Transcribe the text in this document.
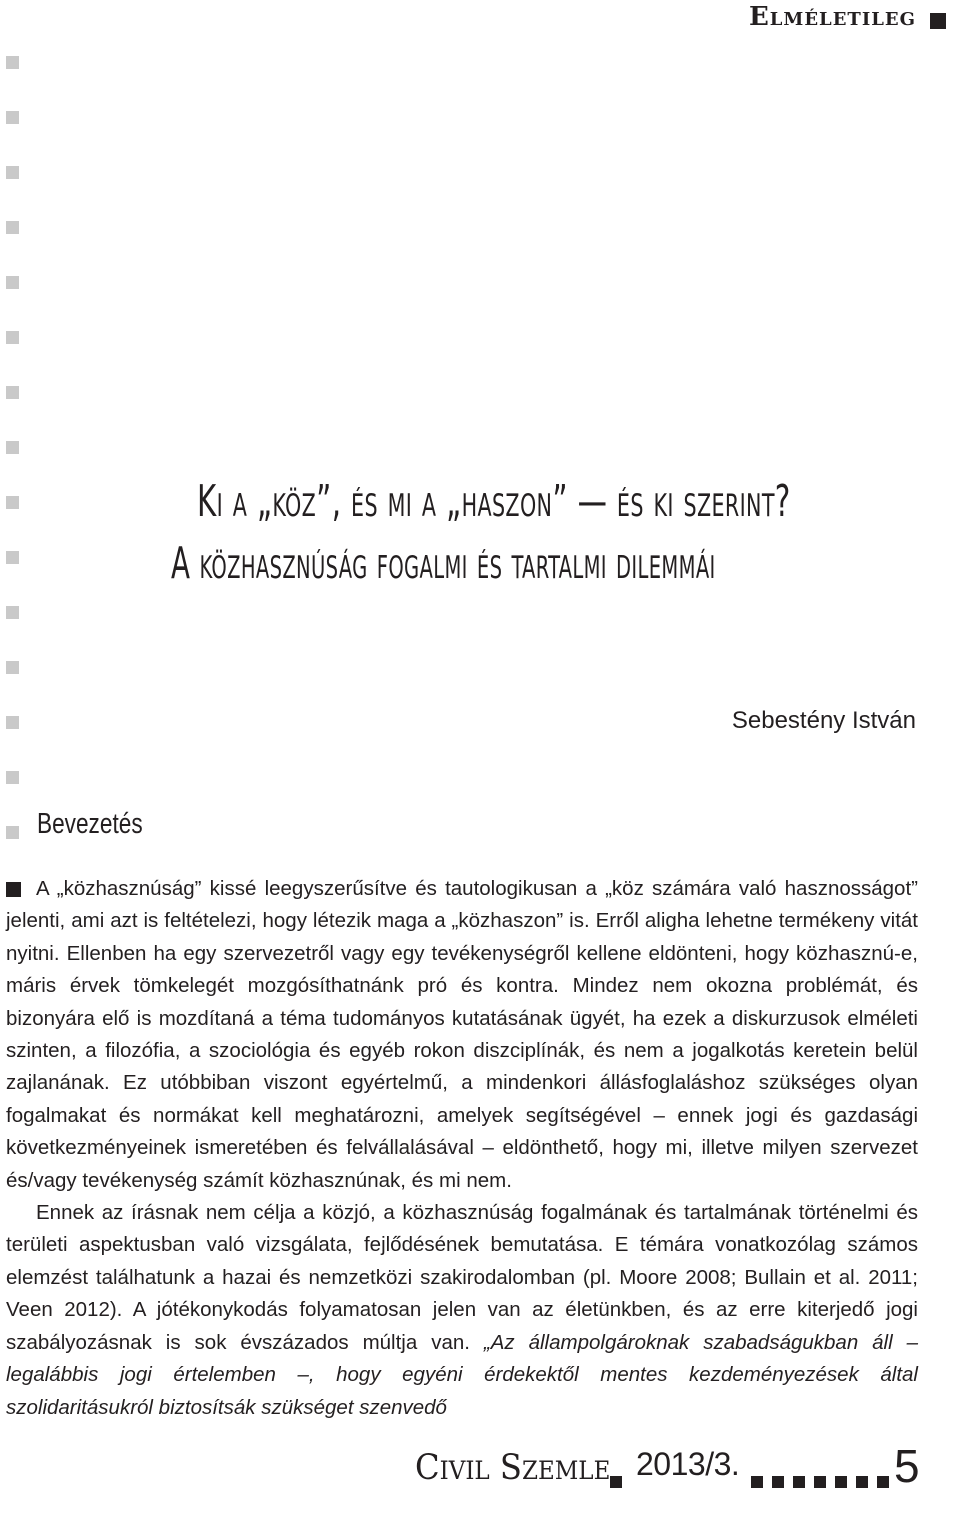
Elméletileg
Ki a „köz”, és mi a „haszon” — és ki szerint?
A közhasznúság fogalmi és tartalmi dilemmái

Sebestény István

Bevezetés

A „közhasznúság” kissé leegyszerűsítve és tautologikusan a „köz számára való hasznosságot” jelenti, ami azt is feltételezi, hogy létezik maga a „közhaszon” is. Erről aligha lehetne termékeny vitát nyitni. Ellenben ha egy szervezetről vagy egy tevékenységről kellene eldönteni, hogy közhasznú-e, máris érvek tömkelegét mozgósíthatnánk pró és kontra. Mindez nem okozna problémát, és bizonyára elő is mozdítaná a téma tudományos kutatásának ügyét, ha ezek a diskurzusok elméleti szinten, a filozófia, a szociológia és egyéb rokon diszciplínák, és nem a jogalkotás keretein belül zajlanának. Ez utóbbiban viszont egyértelmű, a mindenkori állásfoglaláshoz szükséges olyan fogalmakat és normákat kell meghatározni, amelyek segítségével – ennek jogi és gazdasági következményeinek ismeretében és felvállalásával – eldönthető, hogy mi, illetve milyen szervezet és/vagy tevékenység számít közhasznúnak, és mi nem.

Ennek az írásnak nem célja a közjó, a közhasznúság fogalmának és tartalmának történelmi és területi aspektusban való vizsgálata, fejlődésének bemutatása. E témára vonatkozólag számos elemzést találhatunk a hazai és nemzetközi szakirodalomban (pl. Moore 2008; Bullain et al. 2011; Veen 2012). A jótékonykodás folyamatosan jelen van az életünkben, és az erre kiterjedő jogi szabályozásnak is sok évszázados múltja van. „Az állampolgároknak szabadságukban áll – legalábbis jogi értelemben –, hogy egyéni érdekektől mentes kezdeményezések által szolidaritásukról biztosítsák szükséget szenvedő

Civil Szemle 2013/3.	5
